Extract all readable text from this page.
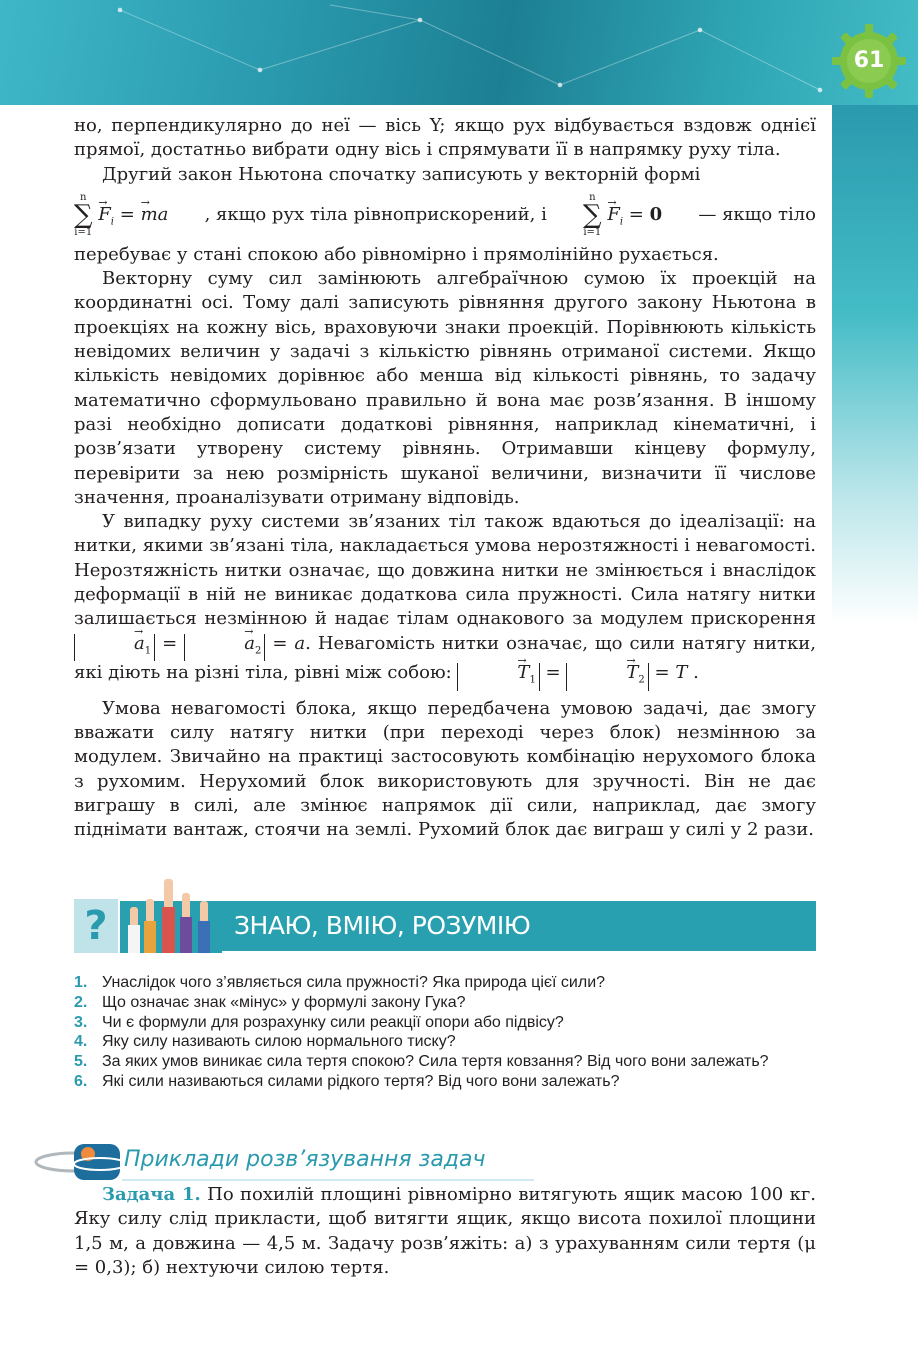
61

но, перпендикулярно до неї — вісь Y; якщо рух відбувається вздовж однієї прямої, достатньо вибрати одну вісь і спрямувати її в напрямку руху тіла.

Другий закон Ньютона спочатку записують у векторній формі

n
∑
i=1
→ $F_i$ = → ma , якщо рух тіла рівноприскорений, і
n
∑
i=1
→ $F_i = 0$ — якщо тіло

перебуває у стані спокою або рівномірно і прямолінійно рухається.

Векторну суму сил замінюють алгебраїчною сумою їх проекцій на координатні осі. Тому далі записують рівняння другого закону Ньютона в проекціях на кожну вісь, враховуючи знаки проекцій. Порівнюють кількість невідомих величин у задачі з кількістю рівнянь отриманої системи. Якщо кількість невідомих дорівнює або менша від кількості рівнянь, то задачу математично сформульовано правильно й вона має розв’язання. В іншому разі необхідно дописати додаткові рівняння, наприклад кінематичні, і розв’язати утворену систему рівнянь. Отримавши кінцеву формулу, перевірити за нею розмірність шуканої величини, визначити її числове значення, проаналізувати отриману відповідь.

У випадку руху системи зв’язаних тіл також вдаються до ідеалізації: на нитки, якими зв’язані тіла, накладається умова нерозтяжності і невагомості. Нерозтяжність нитки означає, що довжина нитки не змінюється і внаслідок деформації в ній не виникає додаткова сила пружності. Сила натягу нитки залишається незмінною й надає тілам однакового за модулем прискорення → $a_1$ =	→ $a_2 = a$. Невагомість нитки означає, що сили натягу нитки, які діють на різні тіла, рівні між собою:	→ $T_1$ =	→ $T_2 = T$ .

Умова невагомості блока, якщо передбачена умовою задачі, дає змогу вважати силу натягу нитки (при переході через блок) незмінною за модулем. Звичайно на практиці застосовують комбінацію нерухомого блока з рухомим. Нерухомий блок використовують для зручності. Він не дає виграшу в силі, але змінює напрямок дії сили, наприклад, дає змогу піднімати вантаж, стоячи на землі. Рухомий блок дає виграш у силі у 2 рази.

?	ЗНАЮ, ВМІЮ, РОЗУМІЮ
1. Унаслідок чого з’являється сила пружності? Яка природа цієї сили?
2. Що означає знак «мінус» у формулі закону Гука?
3. Чи є формули для розрахунку сили реакції опори або підвісу?
4. Яку силу називають силою нормального тиску?
5. За яких умов виникає сила тертя спокою? Сила тертя ковзання? Від чого вони залежать?
6. Які сили називаються силами рідкого тертя? Від чого вони залежать?
Приклади розв’язування задач

Задача 1. По похилій площині рівномірно витягують ящик масою 100 кг. Яку силу слід прикласти, щоб витягти ящик, якщо висота похилої площини 1,5 м, а довжина — 4,5 м. Задачу розв’яжіть: а) з урахуванням сили тертя (μ = 0,3); б) нехтуючи силою тертя.
